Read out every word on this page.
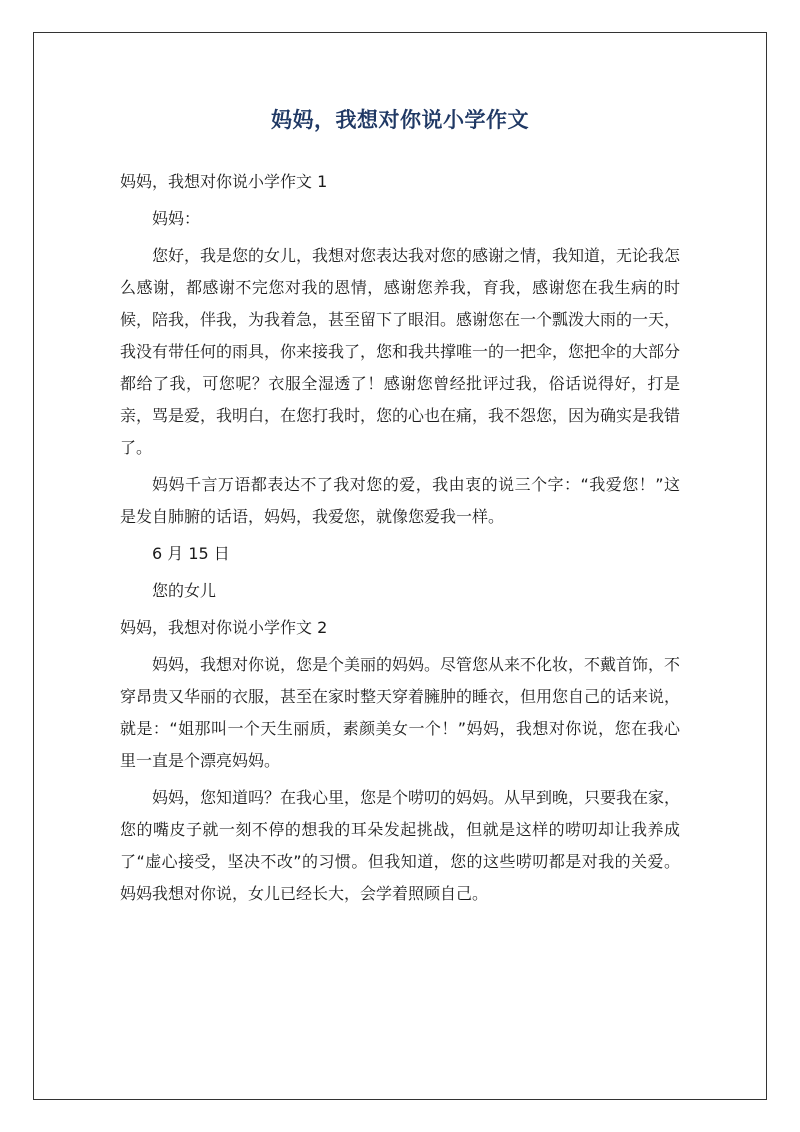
妈妈，我想对你说小学作文

妈妈，我想对你说小学作文 1

妈妈：

您好，我是您的女儿，我想对您表达我对您的感谢之情，我知道，无论我怎么感谢，都感谢不完您对我的恩情，感谢您养我，育我，感谢您在我生病的时候，陪我，伴我，为我着急，甚至留下了眼泪。感谢您在一个瓢泼大雨的一天，我没有带任何的雨具，你来接我了，您和我共撑唯一的一把伞，您把伞的大部分都给了我，可您呢？衣服全湿透了！感谢您曾经批评过我，俗话说得好，打是亲，骂是爱，我明白，在您打我时，您的心也在痛，我不怨您，因为确实是我错了。

妈妈千言万语都表达不了我对您的爱，我由衷的说三个字：“我爱您！”这是发自肺腑的话语，妈妈，我爱您，就像您爱我一样。

6 月 15 日

您的女儿

妈妈，我想对你说小学作文 2

妈妈，我想对你说，您是个美丽的妈妈。尽管您从来不化妆，不戴首饰，不穿昂贵又华丽的衣服，甚至在家时整天穿着臃肿的睡衣，但用您自己的话来说，就是：“姐那叫一个天生丽质，素颜美女一个！”妈妈，我想对你说，您在我心里一直是个漂亮妈妈。

妈妈，您知道吗？在我心里，您是个唠叨的妈妈。从早到晚，只要我在家，您的嘴皮子就一刻不停的想我的耳朵发起挑战，但就是这样的唠叨却让我养成了“虚心接受，坚决不改”的习惯。但我知道，您的这些唠叨都是对我的关爱。妈妈我想对你说，女儿已经长大，会学着照顾自己。
